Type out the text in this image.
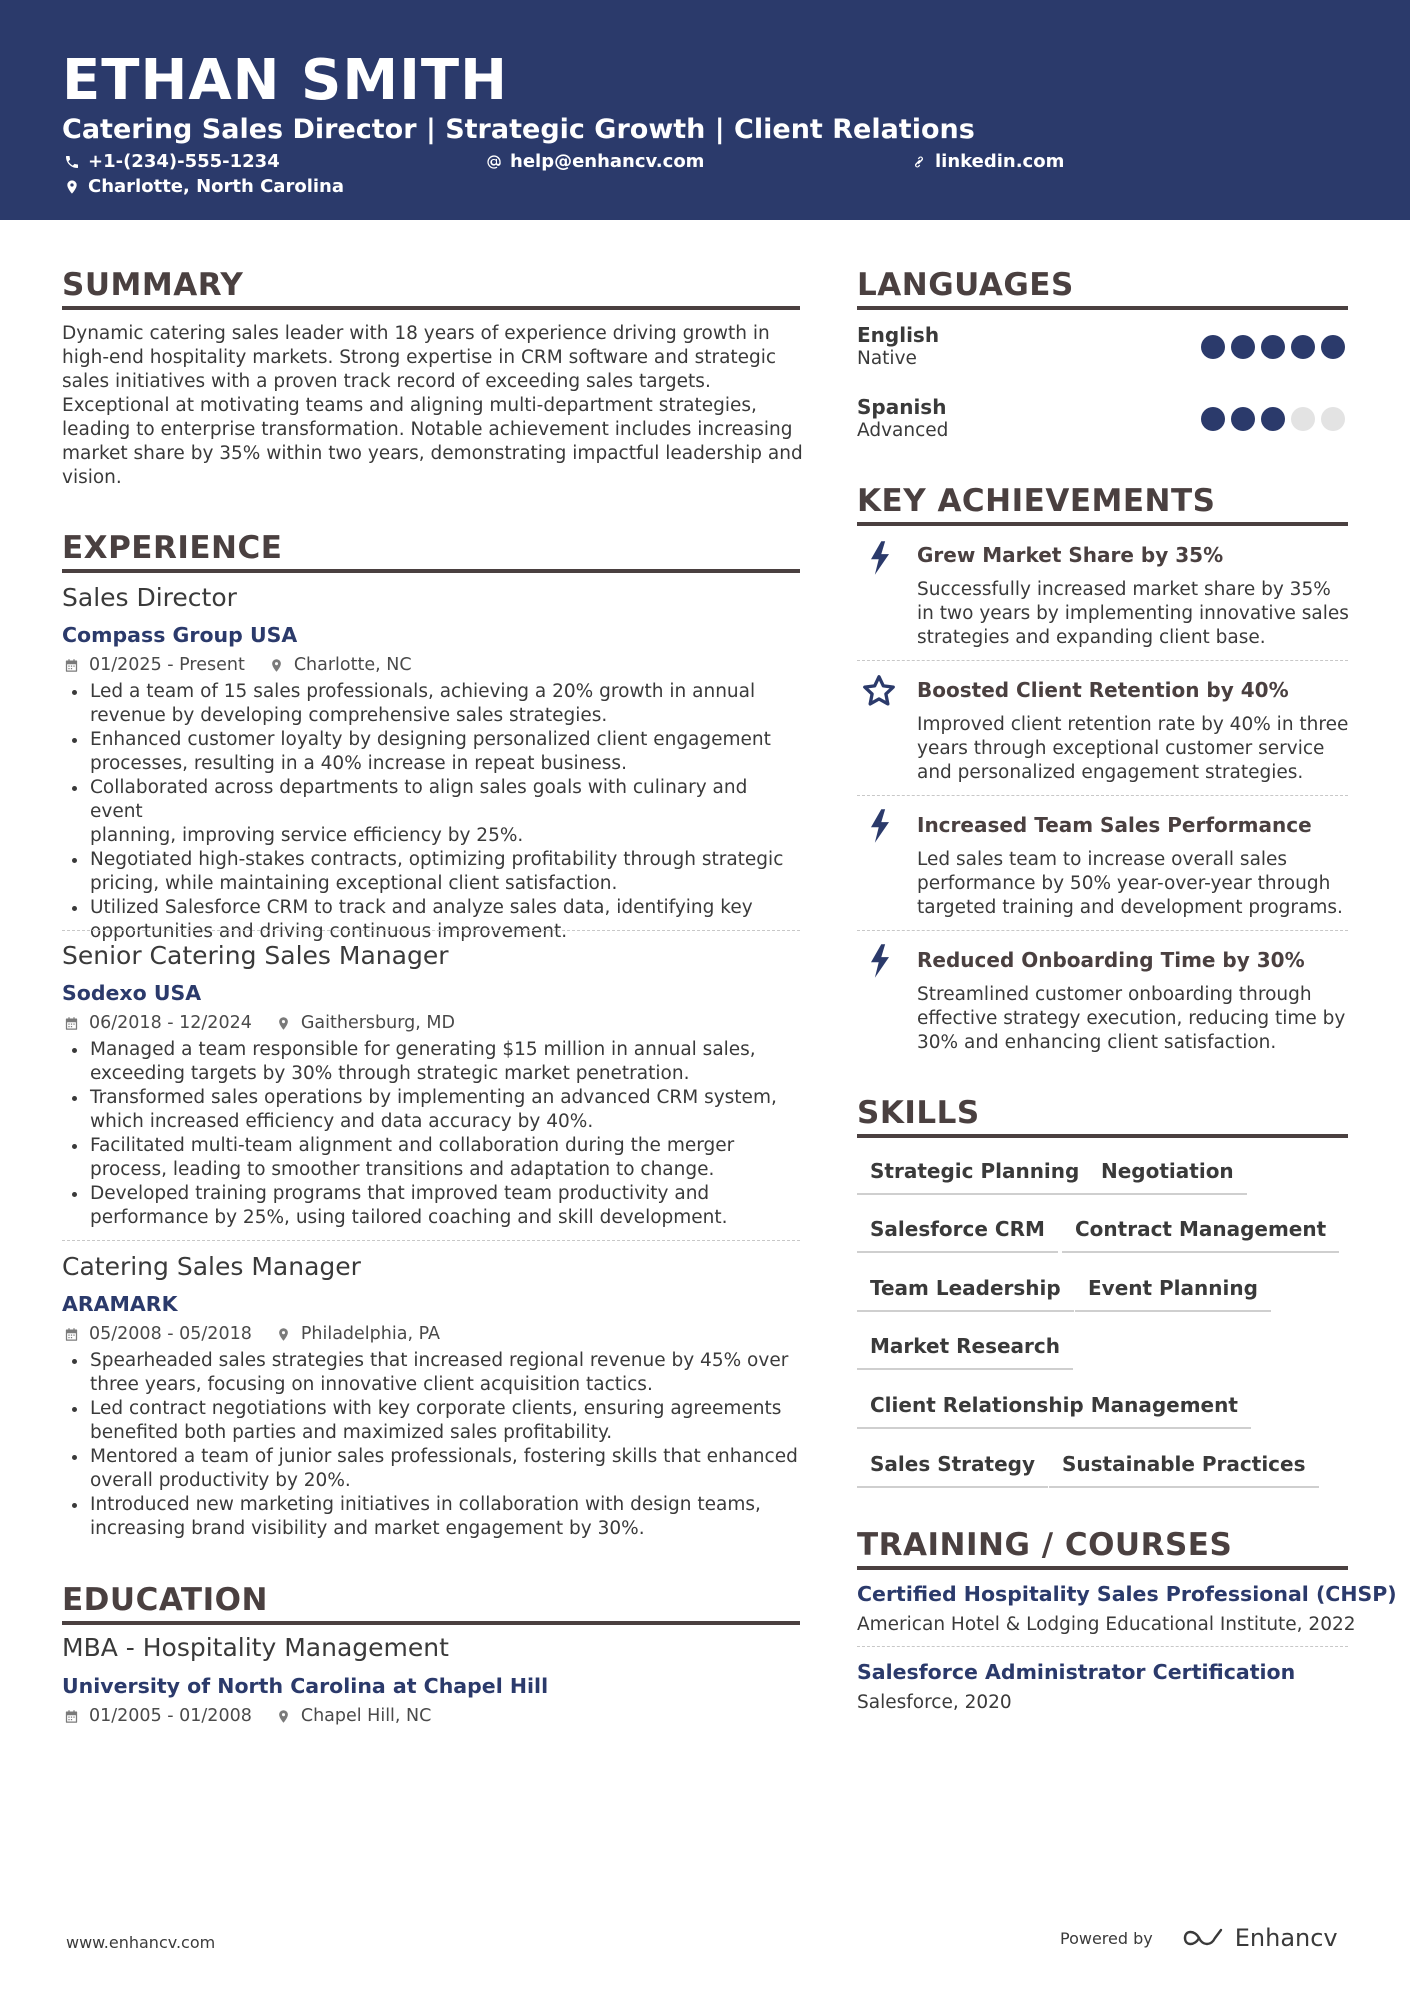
ETHAN SMITH
Catering Sales Director | Strategic Growth | Client Relations
+1-(234)-555-1234	help@enhancv.com	linkedin.com
Charlotte, North Carolina
SUMMARY
Dynamic catering sales leader with 18 years of experience driving growth in
high-end hospitality markets. Strong expertise in CRM software and strategic
sales initiatives with a proven track record of exceeding sales targets.
Exceptional at motivating teams and aligning multi-department strategies,
leading to enterprise transformation. Notable achievement includes increasing
market share by 35% within two years, demonstrating impactful leadership and
vision.
EXPERIENCE
Sales Director
Compass Group USA
01/2025 - Present	Charlotte, NC
Led a team of 15 sales professionals, achieving a 20% growth in annual
revenue by developing comprehensive sales strategies.
Enhanced customer loyalty by designing personalized client engagement
processes, resulting in a 40% increase in repeat business.
Collaborated across departments to align sales goals with culinary and event
planning, improving service efficiency by 25%.
Negotiated high-stakes contracts, optimizing profitability through strategic
pricing, while maintaining exceptional client satisfaction.
Utilized Salesforce CRM to track and analyze sales data, identifying key
opportunities and driving continuous improvement.
Senior Catering Sales Manager
Sodexo USA
06/2018 - 12/2024	Gaithersburg, MD
Managed a team responsible for generating $15 million in annual sales,
exceeding targets by 30% through strategic market penetration.
Transformed sales operations by implementing an advanced CRM system,
which increased efficiency and data accuracy by 40%.
Facilitated multi-team alignment and collaboration during the merger
process, leading to smoother transitions and adaptation to change.
Developed training programs that improved team productivity and
performance by 25%, using tailored coaching and skill development.
Catering Sales Manager
ARAMARK
05/2008 - 05/2018	Philadelphia, PA
Spearheaded sales strategies that increased regional revenue by 45% over
three years, focusing on innovative client acquisition tactics.
Led contract negotiations with key corporate clients, ensuring agreements
benefited both parties and maximized sales profitability.
Mentored a team of junior sales professionals, fostering skills that enhanced
overall productivity by 20%.
Introduced new marketing initiatives in collaboration with design teams,
increasing brand visibility and market engagement by 30%.
EDUCATION
MBA - Hospitality Management
University of North Carolina at Chapel Hill
01/2005 - 01/2008	Chapel Hill, NC
LANGUAGES
English
Native
Spanish
Advanced
KEY ACHIEVEMENTS
Grew Market Share by 35%
Successfully increased market share by 35%
in two years by implementing innovative sales
strategies and expanding client base.
Boosted Client Retention by 40%
Improved client retention rate by 40% in three
years through exceptional customer service
and personalized engagement strategies.
Increased Team Sales Performance
Led sales team to increase overall sales
performance by 50% year-over-year through
targeted training and development programs.
Reduced Onboarding Time by 30%
Streamlined customer onboarding through
effective strategy execution, reducing time by
30% and enhancing client satisfaction.
SKILLS
Strategic Planning	Negotiation
Salesforce CRM	Contract Management
Team Leadership	Event Planning
Market Research
Client Relationship Management
Sales Strategy	Sustainable Practices
TRAINING / COURSES
Certified Hospitality Sales Professional (CHSP)
American Hotel & Lodging Educational Institute, 2022
Salesforce Administrator Certification
Salesforce, 2020
www.enhancv.com	Powered by	Enhancv
